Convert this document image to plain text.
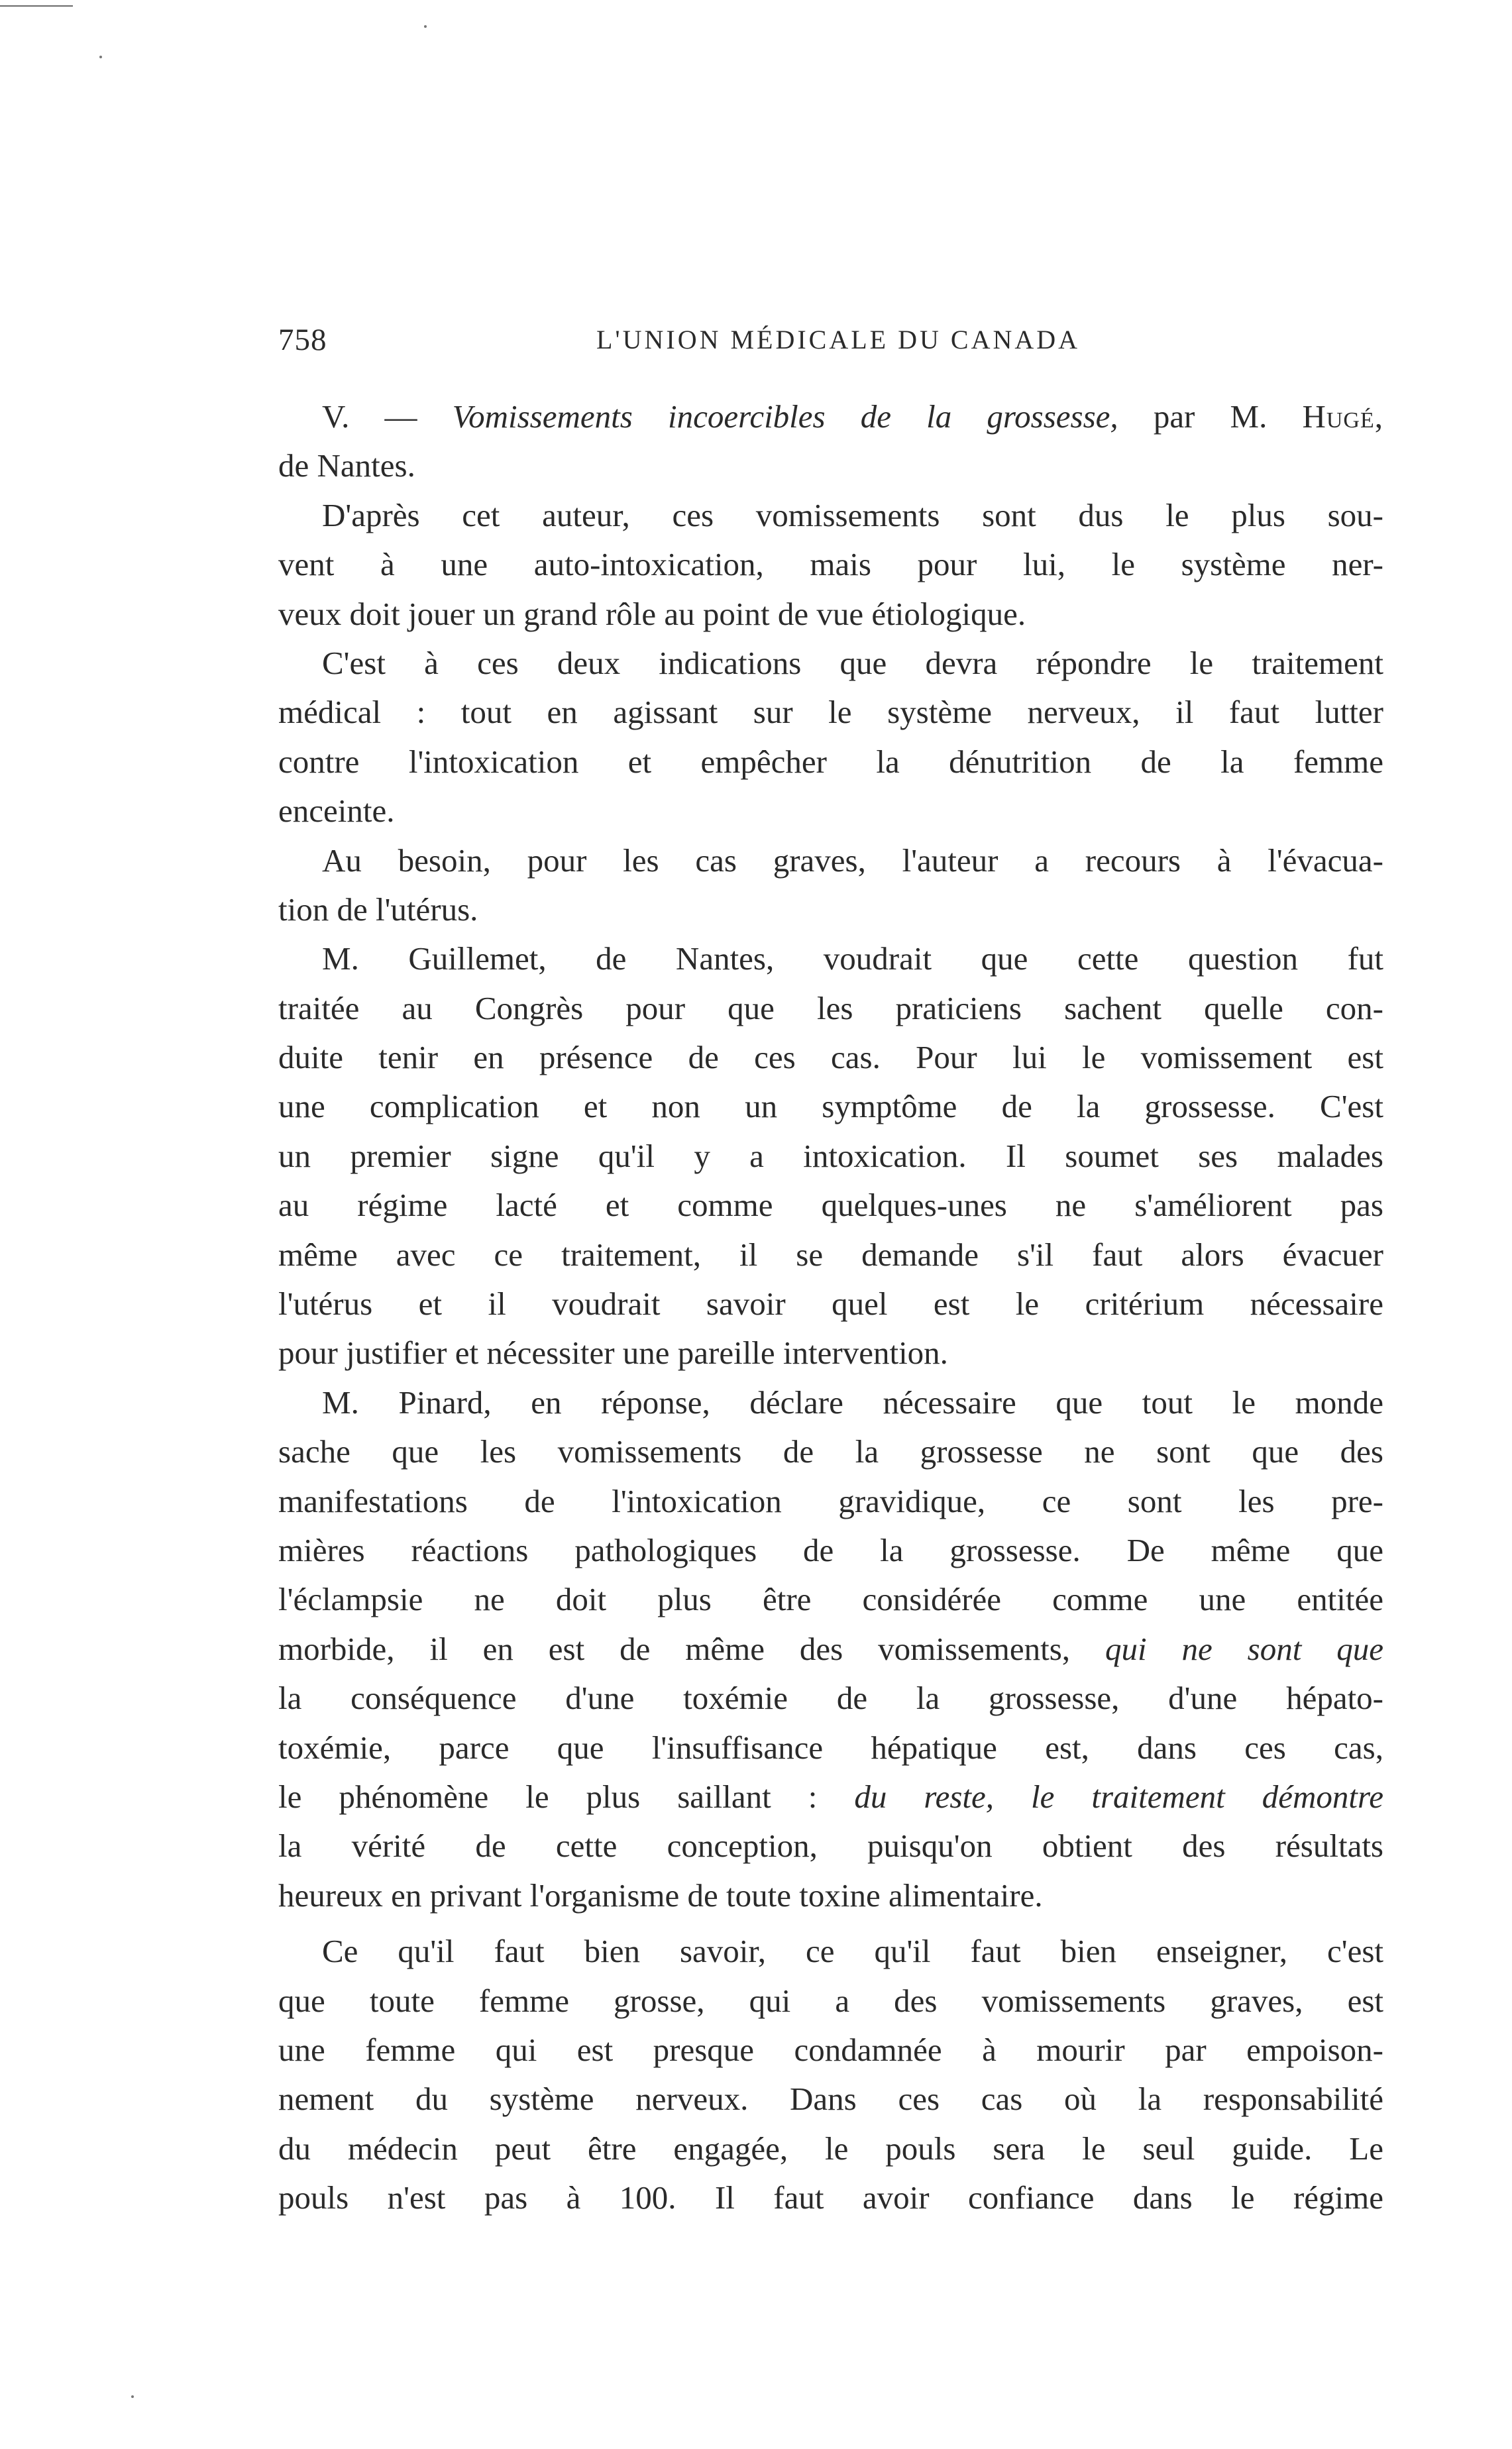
758	L'UNION MÉDICALE DU CANADA
V. — Vomissements incoercibles de la grossesse, par M. Hugé,
de Nantes.
D'après cet auteur, ces vomissements sont dus le plus sou-
vent à une auto-intoxication, mais pour lui, le système ner-
veux doit jouer un grand rôle au point de vue étiologique.
C'est à ces deux indications que devra répondre le traitement
médical : tout en agissant sur le système nerveux, il faut lutter
contre l'intoxication et empêcher la dénutrition de la femme
enceinte.
Au besoin, pour les cas graves, l'auteur a recours à l'évacua-
tion de l'utérus.
M. Guillemet, de Nantes, voudrait que cette question fut
traitée au Congrès pour que les praticiens sachent quelle con-
duite tenir en présence de ces cas. Pour lui le vomissement est
une complication et non un symptôme de la grossesse. C'est
un premier signe qu'il y a intoxication. Il soumet ses malades
au régime lacté et comme quelques-unes ne s'améliorent pas
même avec ce traitement, il se demande s'il faut alors évacuer
l'utérus et il voudrait savoir quel est le critérium nécessaire
pour justifier et nécessiter une pareille intervention.
M. Pinard, en réponse, déclare nécessaire que tout le monde
sache que les vomissements de la grossesse ne sont que des
manifestations de l'intoxication gravidique, ce sont les pre-
mières réactions pathologiques de la grossesse. De même que
l'éclampsie ne doit plus être considérée comme une entitée
morbide, il en est de même des vomissements, qui ne sont que
la conséquence d'une toxémie de la grossesse, d'une hépato-
toxémie, parce que l'insuffisance hépatique est, dans ces cas,
le phénomène le plus saillant : du reste, le traitement démontre
la vérité de cette conception, puisqu'on obtient des résultats
heureux en privant l'organisme de toute toxine alimentaire.
Ce qu'il faut bien savoir, ce qu'il faut bien enseigner, c'est
que toute femme grosse, qui a des vomissements graves, est
une femme qui est presque condamnée à mourir par empoison-
nement du système nerveux. Dans ces cas où la responsabilité
du médecin peut être engagée, le pouls sera le seul guide. Le
pouls n'est pas à 100. Il faut avoir confiance dans le régime
